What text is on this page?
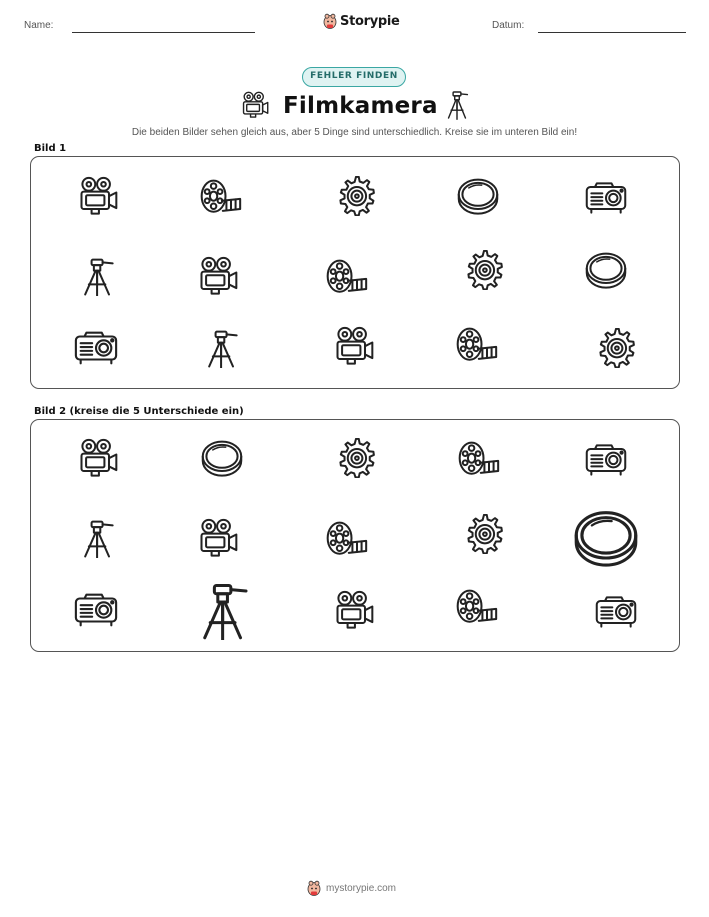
Name:	Storypie	Datum:
FEHLER FINDEN
Filmkamera
Die beiden Bilder sehen gleich aus, aber 5 Dinge sind unterschiedlich. Kreise sie im unteren Bild ein!
Bild 1
Bild 2 (kreise die 5 Unterschiede ein)
mystorypie.com
